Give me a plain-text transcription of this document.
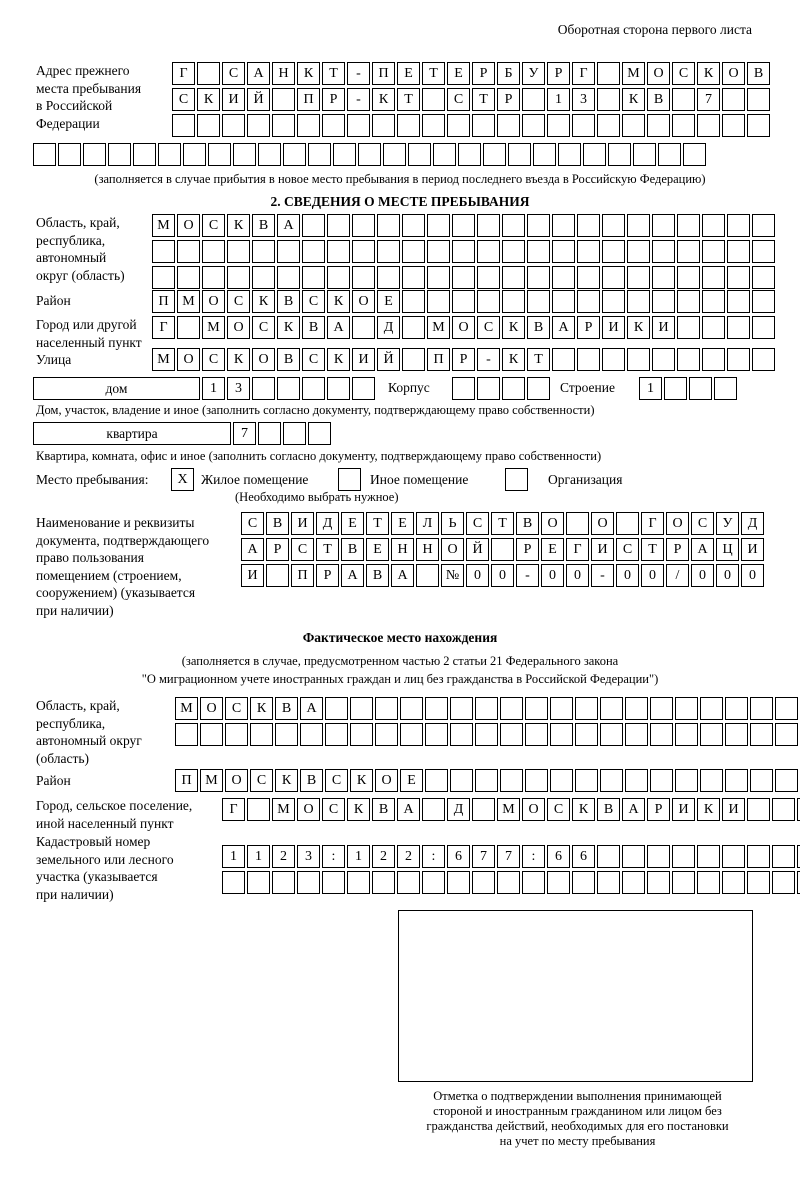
Оборотная сторона первого листа
Адрес прежнего
места пребывания
в Российской
Федерации
Г	С	А	Н	К	Т	-	П	Е	Т	Е	Р	Б	У	Р	Г	М О	С	К	О	В
С	К	И	Й	П	Р	-	К	Т	С	Т	Р	1	3	К	В	7
(заполняется в случае прибытия в новое место пребывания в период последнего въезда в Российскую Федерацию)
2. СВЕДЕНИЯ О МЕСТЕ ПРЕБЫВАНИЯ
Область, край,
республика,
автономный
округ (область)
М О	С	К	В	А
Район	П М О	С	К	В	С	К	О	Е
Город или другой
населенный пункт
Г	М О	С	К	В	А	Д	М О	С	К	В	А	Р	И	К	И
Улица	М О	С	К	О	В	С	К	И	Й	П	Р	-	К	Т
дом	1	3	Корпус	Строение	1
Дом, участок, владение и иное (заполнить согласно документу, подтверждающему право собственности)
квартира	7
Квартира, комната, офис и иное (заполнить согласно документу, подтверждающему право собственности)
Место пребывания:	Х Жилое помещение	Иное помещение	Организация
(Необходимо выбрать нужное)
Наименование и реквизиты
документа, подтверждающего
право пользования
помещением (строением,
сооружением) (указывается
при наличии)
С	В	И	Д	Е	Т	Е	Л	Ь	С	Т	В	О	О	Г	О	С	У	Д
А	Р	С	Т	В	Е	Н	Н	О	Й	Р	Е	Г	И	С	Т	Р	А	Ц	И
И	П	Р	А	В	А	№	0	0	-	0	0	-	0	0	/	0	0	0
Фактическое место нахождения
(заполняется в случае, предусмотренном частью 2 статьи 21 Федерального закона
"О миграционном учете иностранных граждан и лиц без гражданства в Российской Федерации")
Область, край,
республика,
автономный округ
(область)
М О	С	К	В	А
Район	П М О	С	К	В	С	К	О	Е
Город, сельское поселение,
иной населенный пункт
Г	М О	С	К	В	А	Д	М О	С	К	В	А	Р	И	К	И
Кадастровый номер
земельного или лесного
участка (указывается
при наличии)
1	1	2	3	:	1	2	2	:	6	7	7	:	6	6
Отметка о подтверждении выполнения принимающей
стороной и иностранным гражданином или лицом без
гражданства действий, необходимых для его постановки
на учет по месту пребывания
